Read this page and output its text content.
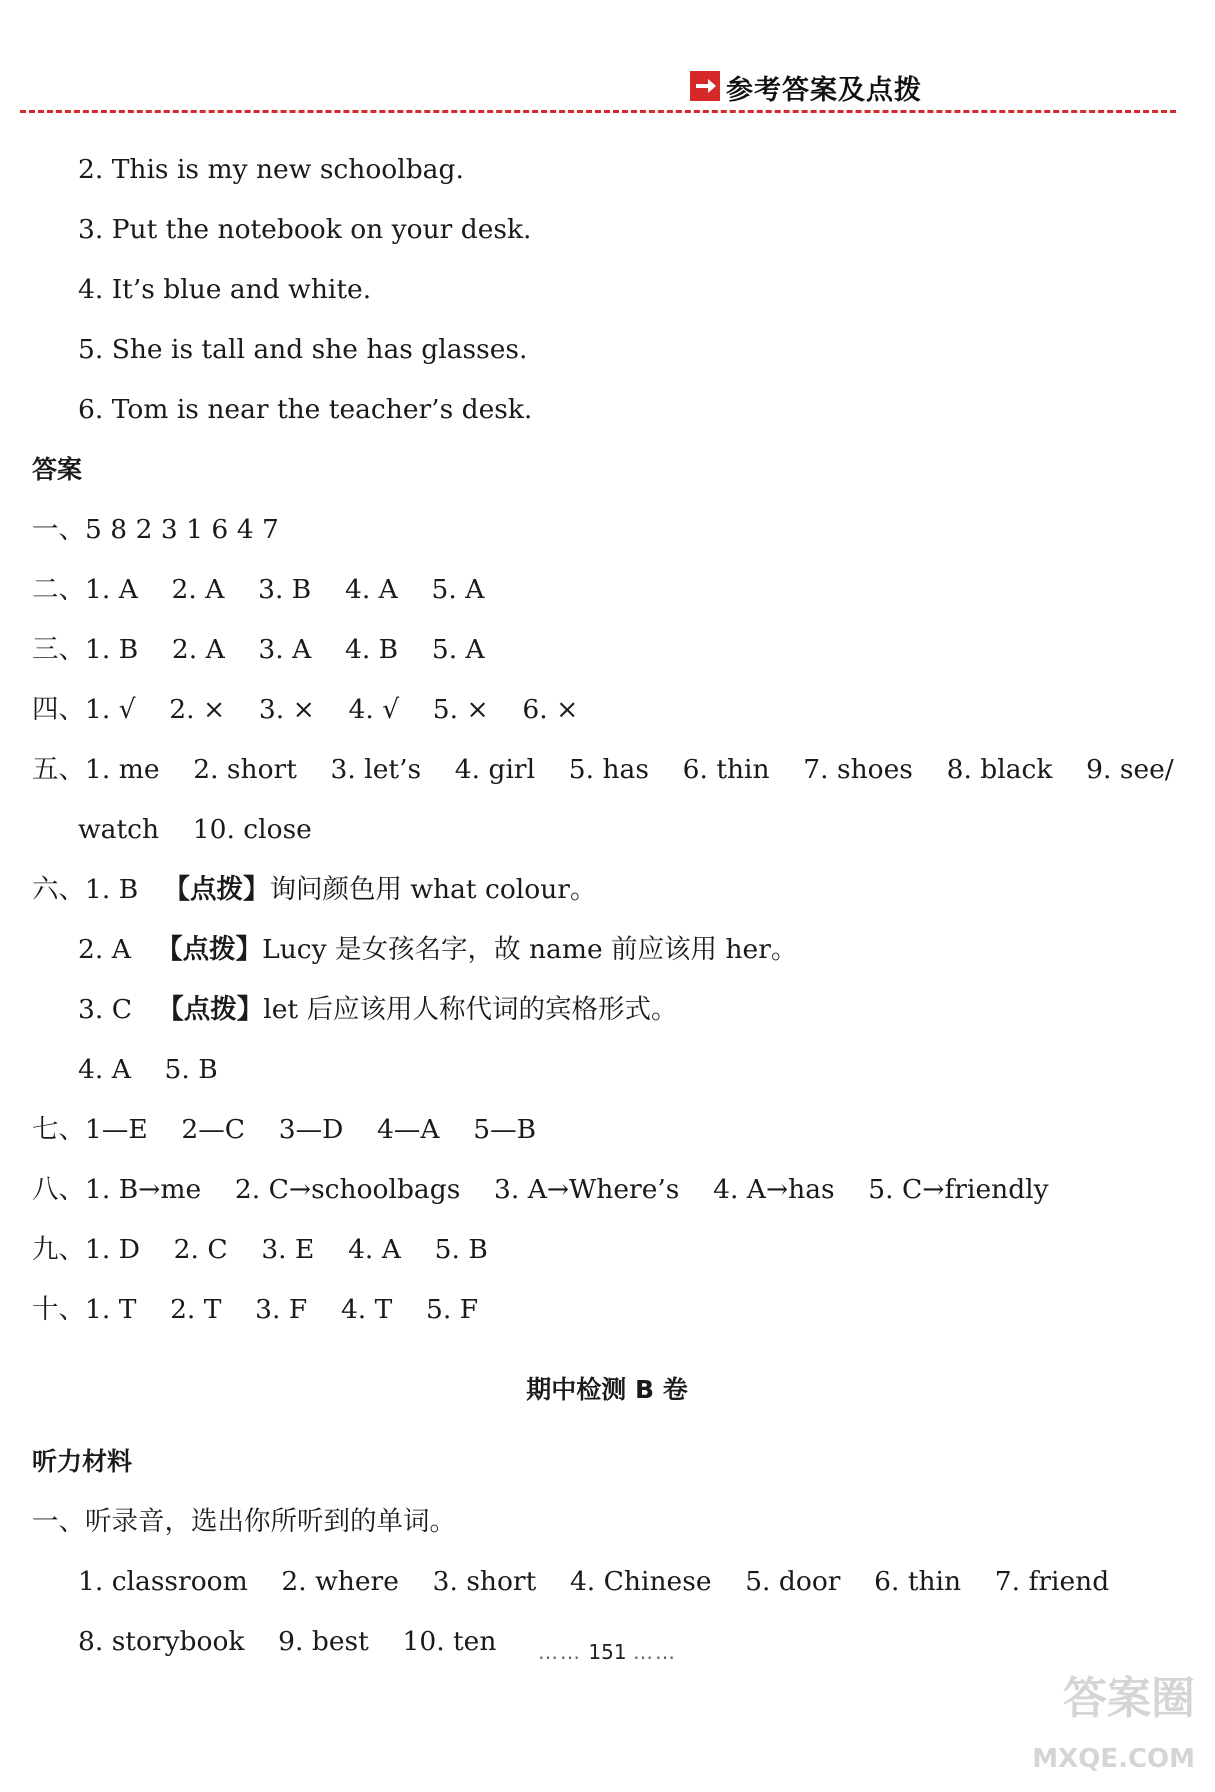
参考答案及点拨
2. This is my new schoolbag.
3. Put the notebook on your desk.
4. It’s blue and white.
5. She is tall and she has glasses.
6. Tom is near the teacher’s desk.
答案
一、5 8 2 3 1 6 4 7
二、1. A    2. A    3. B    4. A    5. A
三、1. B    2. A    3. A    4. B    5. A
四、1. √    2. ×    3. ×    4. √    5. ×    6. ×
五、1. me    2. short    3. let’s    4. girl    5. has    6. thin    7. shoes    8. black    9. see/
watch    10. close
六、1. B   【点拨】询问颜色用 what colour。
2. A   【点拨】Lucy 是女孩名字，故 name 前应该用 her。
3. C   【点拨】let 后应该用人称代词的宾格形式。
4. A    5. B
七、1—E    2—C    3—D    4—A    5—B
八、1. B→me    2. C→schoolbags    3. A→Where’s    4. A→has    5. C→friendly
九、1. D    2. C    3. E    4. A    5. B
十、1. T    2. T    3. F    4. T    5. F
期中检测 B 卷
听力材料
一、听录音，选出你所听到的单词。
1. classroom    2. where    3. short    4. Chinese    5. door    6. thin    7. friend
8. storybook    9. best    10. ten	…… 151 ……
答案圈
MXQE.COM
